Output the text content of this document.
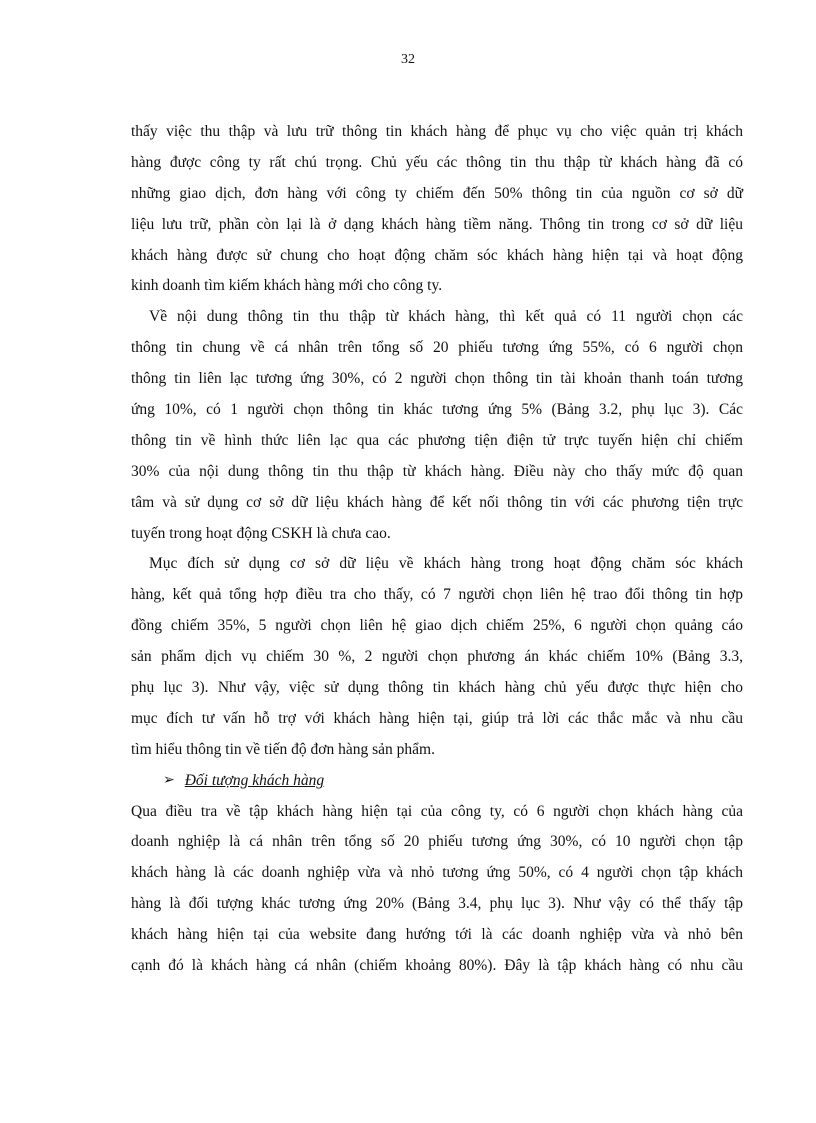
32

thấy việc thu thập và lưu trữ thông tin khách hàng để phục vụ cho việc quản trị khách

hàng được công ty rất chú trọng. Chủ yếu các thông tin thu thập từ khách hàng đã có

những giao dịch, đơn hàng với công ty chiếm đến 50% thông tin của nguồn cơ sở dữ

liệu lưu trữ, phần còn lại là ở dạng khách hàng tiềm năng. Thông tin trong cơ sở dữ liệu

khách hàng được sử chung cho hoạt động chăm sóc khách hàng hiện tại và hoạt động

kinh doanh tìm kiếm khách hàng mới cho công ty.

Về nội dung thông tin thu thập từ khách hàng, thì kết quả có 11 người chọn các

thông tin chung về cá nhân trên tổng số 20 phiếu tương ứng 55%, có 6 người chọn

thông tin liên lạc tương ứng 30%, có 2 người chọn thông tin tài khoản thanh toán tương

ứng 10%, có 1 người chọn thông tin khác tương ứng 5% (Bảng 3.2, phụ lục 3). Các

thông tin về hình thức liên lạc qua các phương tiện điện tử trực tuyến hiện chỉ chiếm

30% của nội dung thông tin thu thập từ khách hàng. Điều này cho thấy mức độ quan

tâm và sử dụng cơ sở dữ liệu khách hàng để kết nối thông tin với các phương tiện trực

tuyến trong hoạt động CSKH là chưa cao.

Mục đích sử dụng cơ sở dữ liệu về khách hàng trong hoạt động chăm sóc khách

hàng, kết quả tổng hợp điều tra cho thấy, có 7 người chọn liên hệ trao đổi thông tin hợp

đồng chiếm 35%, 5 người chọn liên hệ giao dịch chiếm 25%, 6 người chọn quảng cáo

sản phẩm dịch vụ chiếm 30 %, 2 người chọn phương án khác chiếm 10% (Bảng 3.3,

phụ lục 3). Như vậy, việc sử dụng thông tin khách hàng chủ yếu được thực hiện cho

mục đích tư vấn hỗ trợ với khách hàng hiện tại, giúp trả lời các thắc mắc và nhu cầu

tìm hiểu thông tin về tiến độ đơn hàng sản phẩm.

➢ Đối tượng khách hàng

Qua điều tra về tập khách hàng hiện tại của công ty, có 6 người chọn khách hàng của

doanh nghiệp là cá nhân trên tổng số 20 phiếu tương ứng 30%, có 10 người chọn tập

khách hàng là các doanh nghiệp vừa và nhỏ tương ứng 50%, có 4 người chọn tập khách

hàng là đối tượng khác tương ứng 20% (Bảng 3.4, phụ lục 3). Như vậy có thể thấy tập

khách hàng hiện tại của website đang hướng tới là các doanh nghiệp vừa và nhỏ bên

cạnh đó là khách hàng cá nhân (chiếm khoảng 80%). Đây là tập khách hàng có nhu cầu
